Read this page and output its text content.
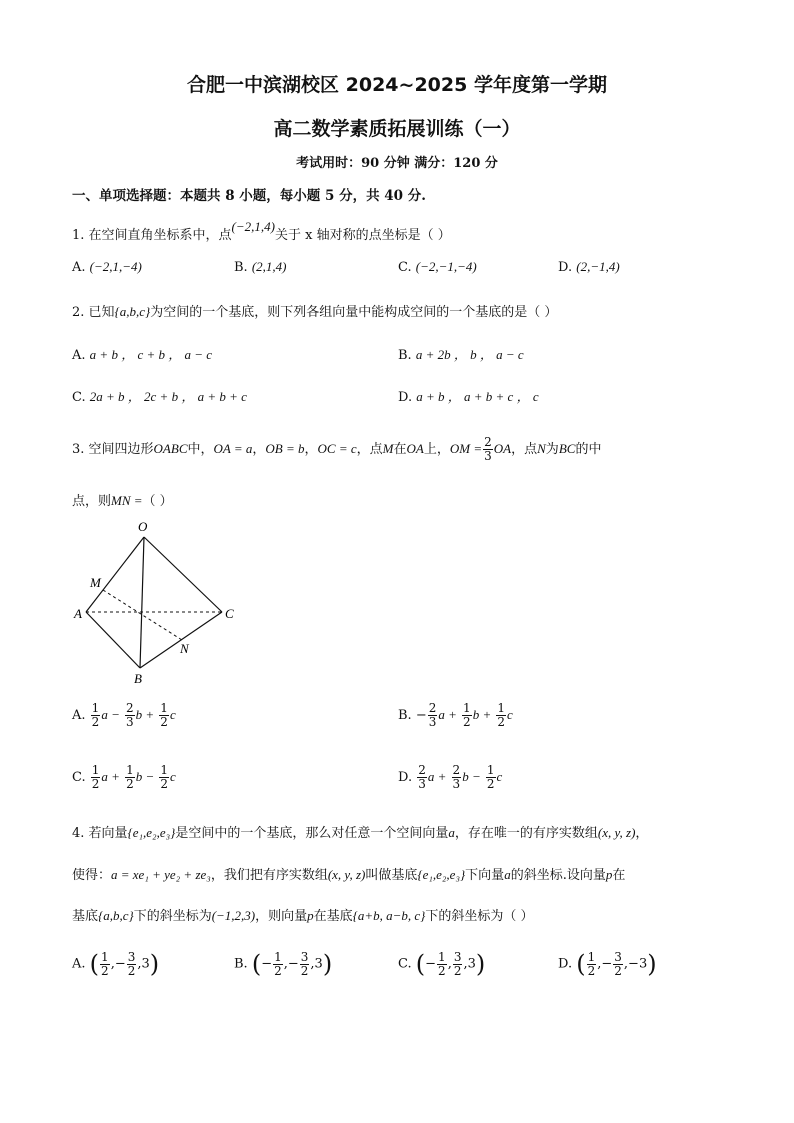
合肥一中滨湖校区 2024~2025 学年度第一学期
高二数学素质拓展训练（一）
考试用时：90 分钟 满分：120 分
一、单项选择题：本题共 8 小题，每小题 5 分，共 40 分.
1. 在空间直角坐标系中，点(−2,1,4)关于 x 轴对称的点坐标是（ ）
A. (−2,1,−4)	B. (2,1,4)	C. (−2,−1,−4)	D. (2,−1,4)
2. 已知{a,b,c}为空间的一个基底，则下列各组向量中能构成空间的一个基底的是（ ）
A. a + b ， c + b ， a − c	B. a + 2b ， b ， a − c
C. 2a + b ， 2c + b ， a + b + c	D. a + b ， a + b + c ， c
3. 空间四边形OABC中，OA = a，OB = b，OC = c，点M在OA上，OM = $\frac{2}{3}$ OA，点N为BC的中
点，则MN =（ ）
O
A
B
C
M
N
A. $\frac{1}{2}$ $a - \frac{2}{3}$ $b + \frac{1}{2}$ c	B. − $\frac{2}{3}$ $a + \frac{1}{2}$ $b + \frac{1}{2}$ c
C. $\frac{1}{2}$ $a + \frac{1}{2}$ $b - \frac{1}{2}$ c	D. $\frac{2}{3}$ $a + \frac{2}{3}$ $b - \frac{1}{2}$ c
4. 若向量{e₁,e₂,e₃}是空间中的一个基底，那么对任意一个空间向量a，存在唯一的有序实数组(x, y, z)，
使得：a = xe₁ + ye₂ + ze₃，我们把有序实数组(x, y, z)叫做基底{e₁,e₂,e₃}下向量a的斜坐标.设向量p在
基底{a,b,c}下的斜坐标为(−1,2,3)，则向量p在基底{a+b, a−b, c}下的斜坐标为（ ）
A. ( $\frac{1}{2}$ ,− $\frac{3}{2} ,3$)	B. (− $\frac{1}{2}$ ,− $\frac{3}{2} ,3$)	C. (− $\frac{1}{2}$ , $\frac{3}{2} ,3$)	D. ( $\frac{1}{2}$ ,− $\frac{3}{2} ,-3$)
